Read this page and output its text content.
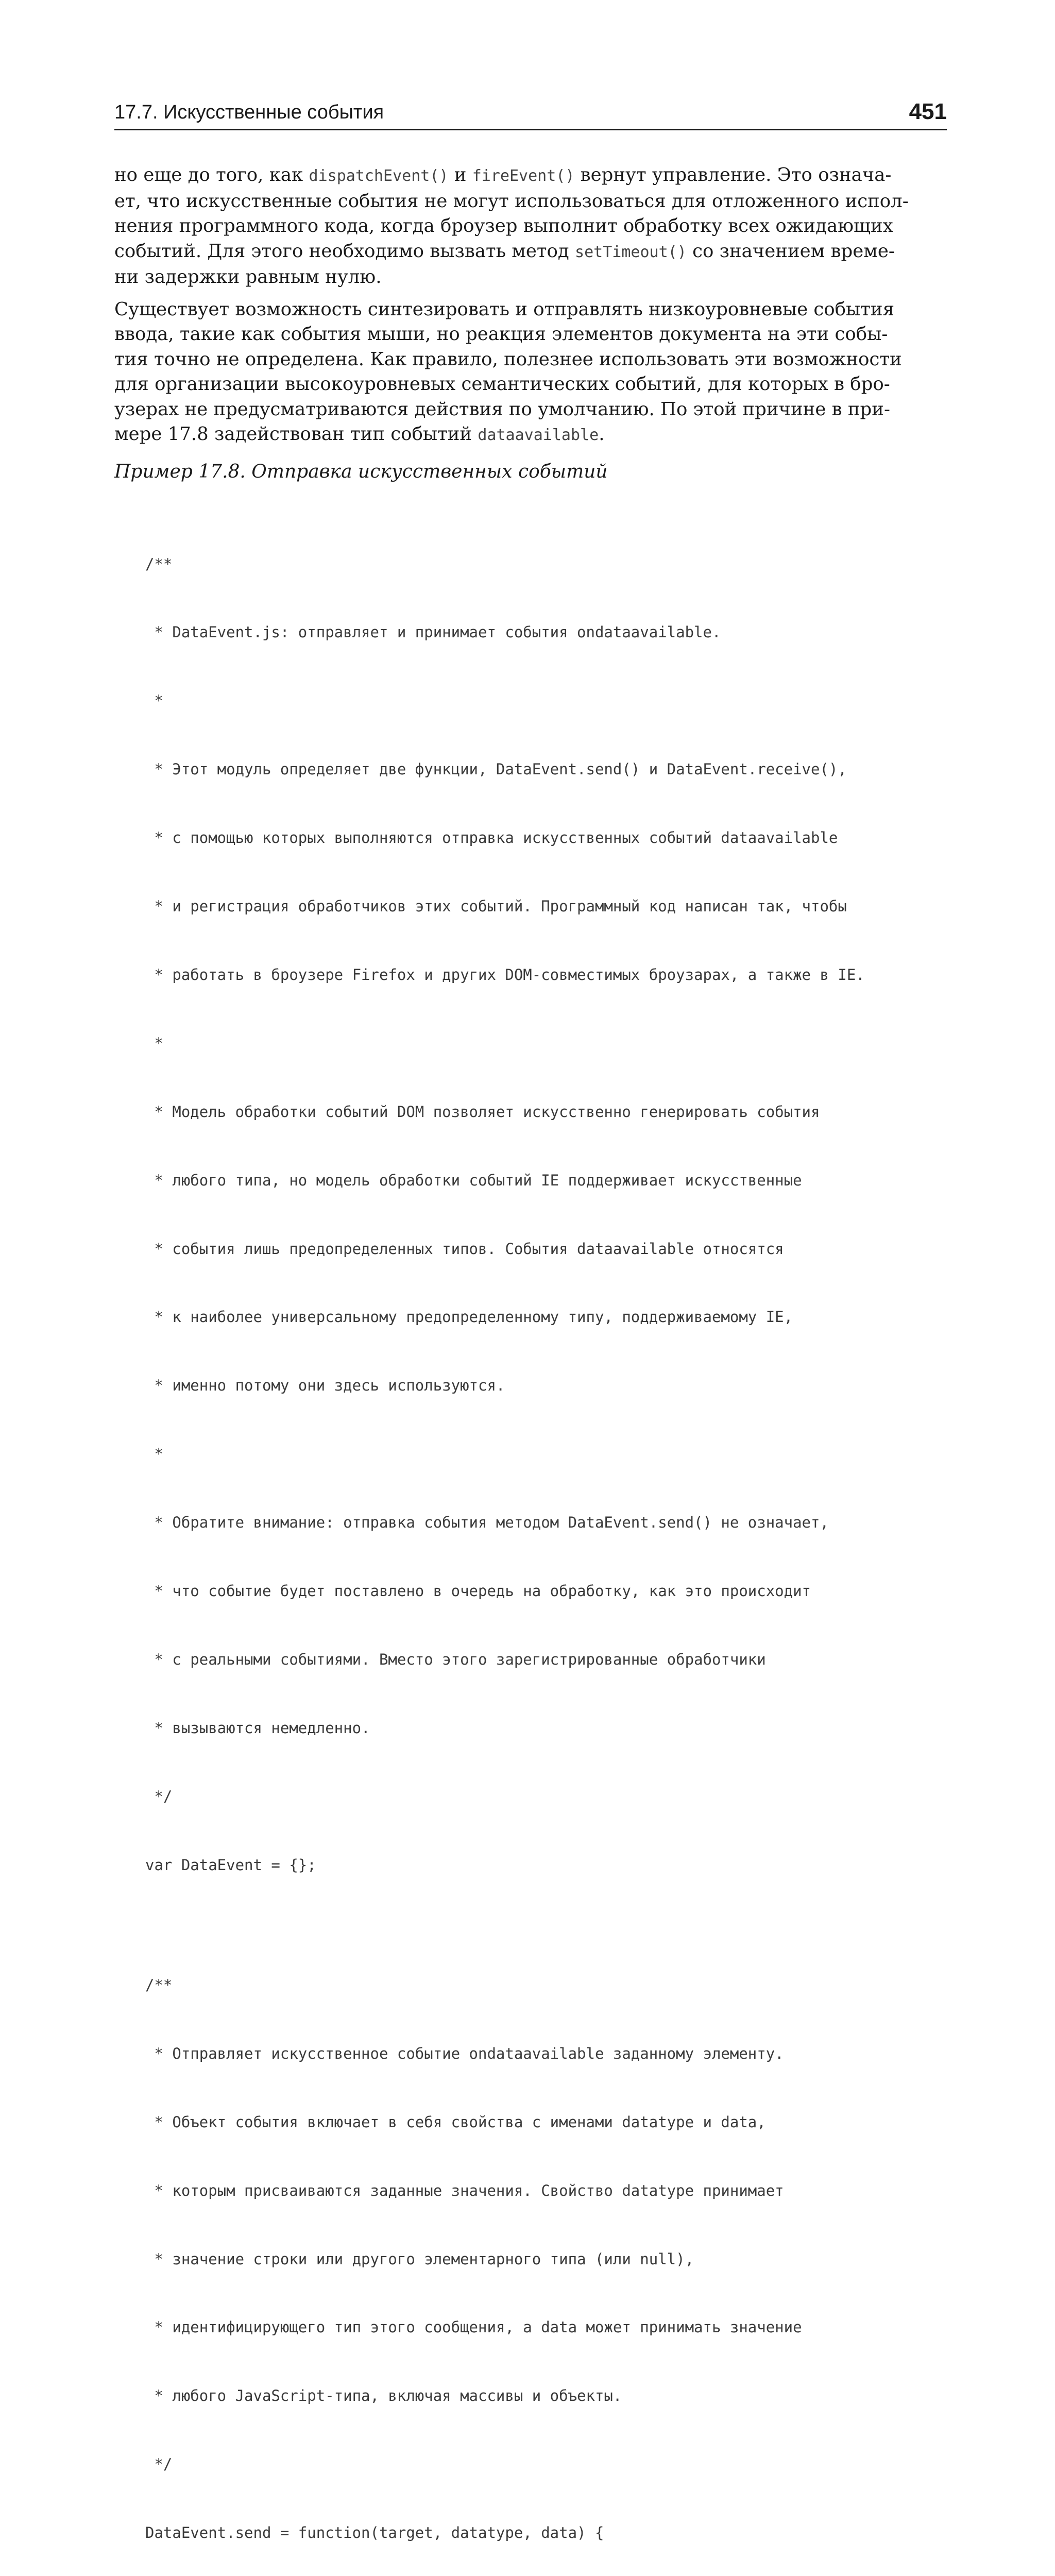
17.7. Искусственные события	451

но еще до того, как dispatchEvent() и fireEvent() вернут управление. Это означа-
ет, что искусственные события не могут использоваться для отложенного испол-
нения программного кода, когда броузер выполнит обработку всех ожидающих
событий. Для этого необходимо вызвать метод setTimeout() со значением време-
ни задержки равным нулю.

Существует возможность синтезировать и отправлять низкоуровневые события
ввода, такие как события мыши, но реакция элементов документа на эти собы-
тия точно не определена. Как правило, полезнее использовать эти возможности
для организации высокоуровневых семантических событий, для которых в бро-
узерах не предусматриваются действия по умолчанию. По этой причине в при-
мере 17.8 задействован тип событий dataavailable.

Пример 17.8. Отправка искусственных событий

/**

* DataEvent.js: отправляет и принимает события ondataavailable.

*

* Этот модуль определяет две функции, DataEvent.send() и DataEvent.receive(),

* с помощью которых выполняются отправка искусственных событий dataavailable

* и регистрация обработчиков этих событий. Программный код написан так, чтобы

* работать в броузере Firefox и других DOM-совместимых броузарах, а также в IE.

*

* Модель обработки событий DOM позволяет искусственно генерировать события

* любого типа, но модель обработки событий IE поддерживает искусственные

* события лишь предопределенных типов. События dataavailable относятся

* к наиболее универсальному предопределенному типу, поддерживаемому IE,

* именно потому они здесь используются.

*

* Обратите внимание: отправка события методом DataEvent.send() не означает,

* что событие будет поставлено в очередь на обработку, как это происходит

* с реальными событиями. Вместо этого зарегистрированные обработчики

* вызываются немедленно.

*/

var DataEvent = {};

/**

* Отправляет искусственное событие ondataavailable заданному элементу.

* Объект события включает в себя свойства с именами datatype и data,

* которым присваиваются заданные значения. Свойство datatype принимает

* значение строки или другого элементарного типа (или null),

* идентифицирующего тип этого сообщения, а data может принимать значение

* любого JavaScript-типа, включая массивы и объекты.

*/

DataEvent.send = function(target, datatype, data) {
